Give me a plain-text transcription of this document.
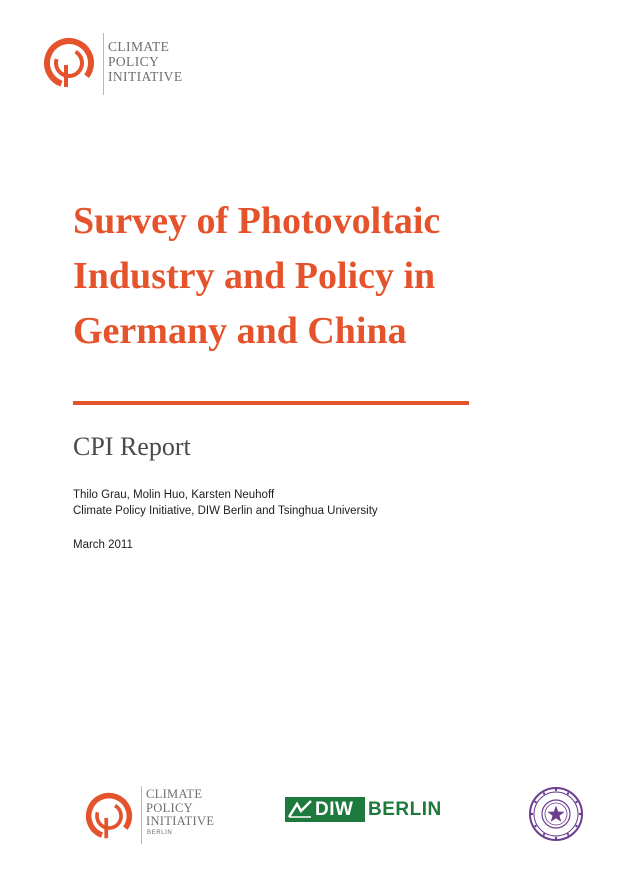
CLIMATE
POLICY
INITIATIVE
Survey of Photovoltaic
Industry and Policy in
Germany and China
CPI Report
Thilo Grau, Molin Huo, Karsten Neuhoff
Climate Policy Initiative, DIW Berlin and Tsinghua University
March 2011
CLIMATE
POLICY
INITIATIVE
BERLIN
DIW BERLIN
